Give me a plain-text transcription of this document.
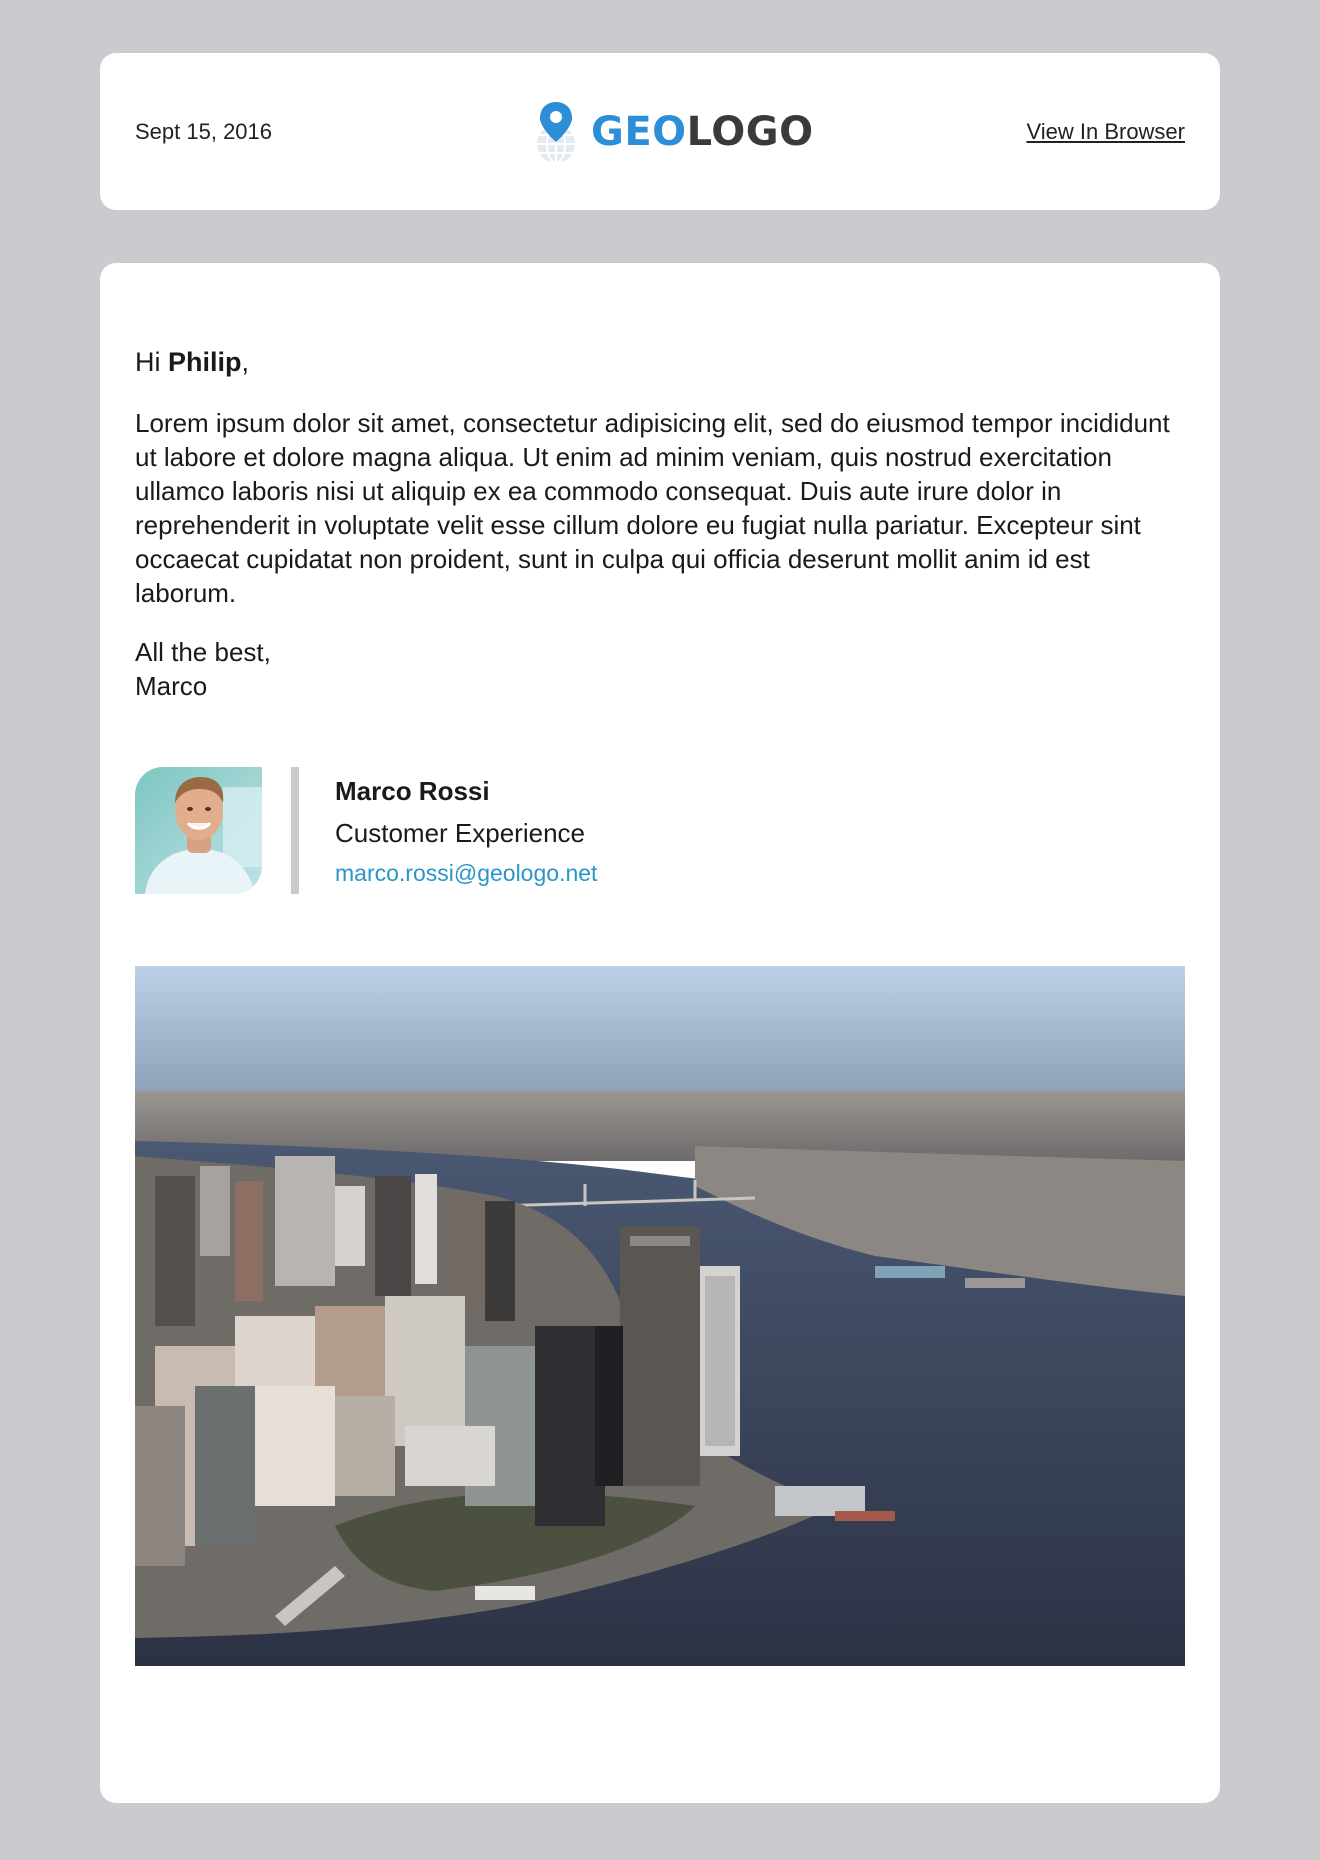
Sept 15, 2016	GEOLOGO	View In Browser

Hi Philip,

Lorem ipsum dolor sit amet, consectetur adipisicing elit, sed do eiusmod tempor incididunt ut labore et dolore magna aliqua. Ut enim ad minim veniam, quis nostrud exercitation ullamco laboris nisi ut aliquip ex ea commodo consequat. Duis aute irure dolor in reprehenderit in voluptate velit esse cillum dolore eu fugiat nulla pariatur. Excepteur sint occaecat cupidatat non proident, sunt in culpa qui officia deserunt mollit anim id est laborum.

All the best,
Marco
Marco Rossi
Customer Experience
marco.rossi@geologo.net
